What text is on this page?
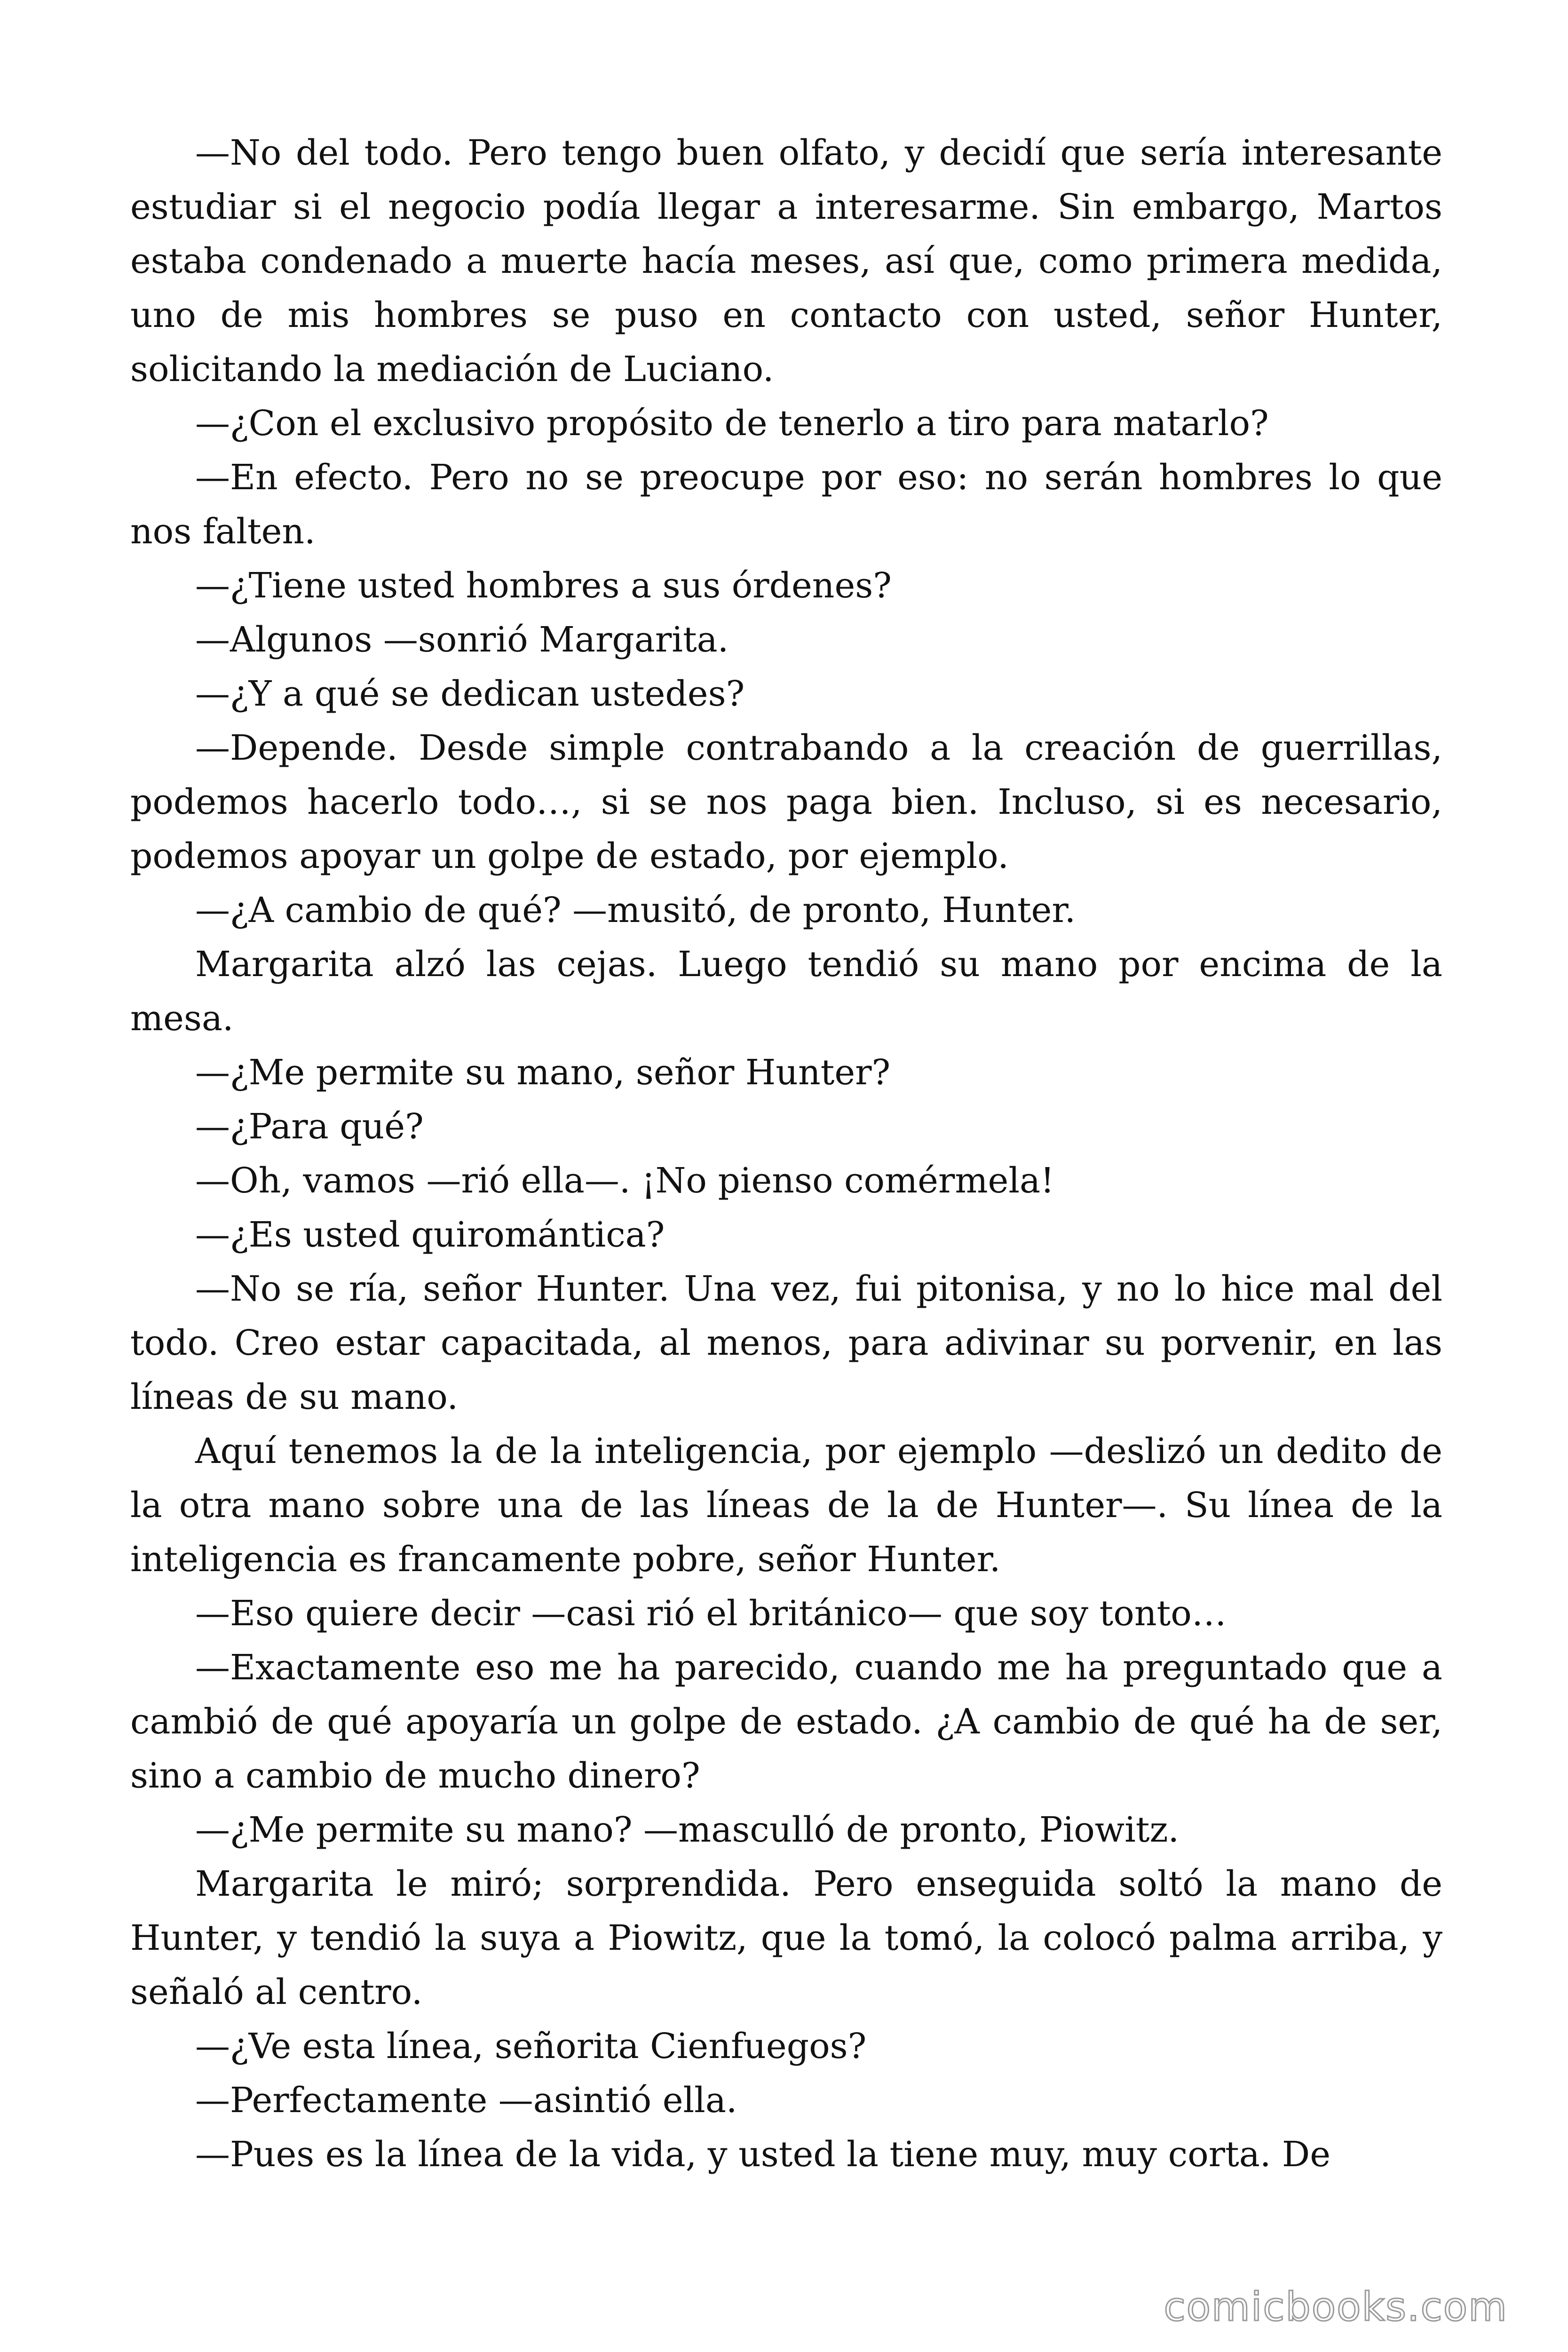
—No del todo. Pero tengo buen olfato, y decidí que sería interesante estudiar si el negocio podía llegar a interesarme. Sin embargo, Martos estaba condenado a muerte hacía meses, así que, como primera medida, uno de mis hombres se puso en contacto con usted, señor Hunter, solicitando la mediación de Luciano.

—¿Con el exclusivo propósito de tenerlo a tiro para matarlo?

—En efecto. Pero no se preocupe por eso: no serán hombres lo que nos falten.

—¿Tiene usted hombres a sus órdenes?

—Algunos —sonrió Margarita.

—¿Y a qué se dedican ustedes?

—Depende. Desde simple contrabando a la creación de guerrillas, podemos hacerlo todo…, si se nos paga bien. Incluso, si es necesario, podemos apoyar un golpe de estado, por ejemplo.

—¿A cambio de qué? —musitó, de pronto, Hunter.

Margarita alzó las cejas. Luego tendió su mano por encima de la mesa.

—¿Me permite su mano, señor Hunter?

—¿Para qué?

—Oh, vamos —rió ella—. ¡No pienso comérmela!

—¿Es usted quiromántica?

—No se ría, señor Hunter. Una vez, fui pitonisa, y no lo hice mal del todo. Creo estar capacitada, al menos, para adivinar su porvenir, en las líneas de su mano.

Aquí tenemos la de la inteligencia, por ejemplo —deslizó un dedito de la otra mano sobre una de las líneas de la de Hunter—. Su línea de la inteligencia es francamente pobre, señor Hunter.

—Eso quiere decir —casi rió el británico— que soy tonto…

—Exactamente eso me ha parecido, cuando me ha preguntado que a cambió de qué apoyaría un golpe de estado. ¿A cambio de qué ha de ser, sino a cambio de mucho dinero?

—¿Me permite su mano? —masculló de pronto, Piowitz.

Margarita le miró; sorprendida. Pero enseguida soltó la mano de Hunter, y tendió la suya a Piowitz, que la tomó, la colocó palma arriba, y señaló al centro.

—¿Ve esta línea, señorita Cienfuegos?

—Perfectamente —asintió ella.

—Pues es la línea de la vida, y usted la tiene muy, muy corta. De

comicbooks.com
